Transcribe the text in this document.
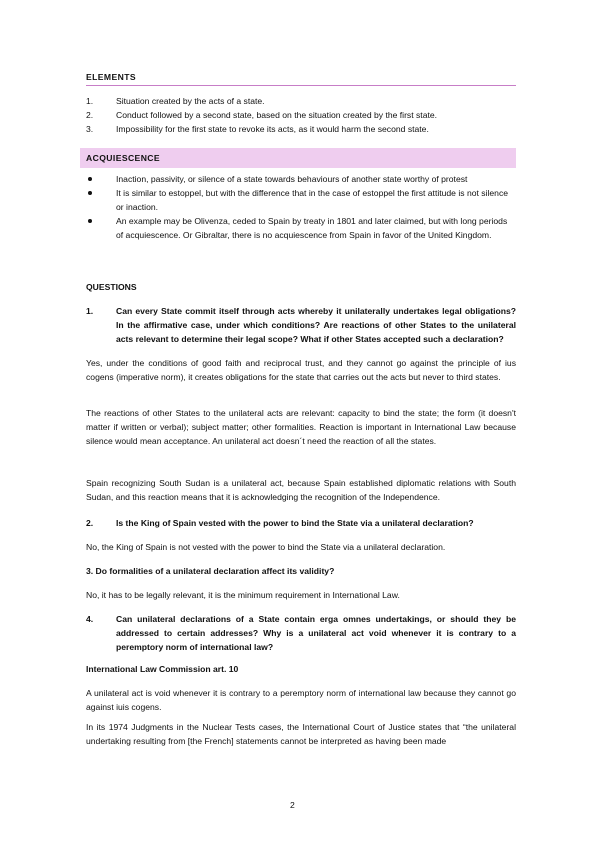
ELEMENTS
1.	Situation created by the acts of a state.
2.	Conduct followed by a second state, based on the situation created by the first state.
3.	Impossibility for the first state to revoke its acts, as it would harm the second state.
ACQUIESCENCE
Inaction, passivity, or silence of a state towards behaviours of another state worthy of protest
It is similar to estoppel, but with the difference that in the case of estoppel the first attitude is not silence or inaction.
An example may be Olivenza, ceded to Spain by treaty in 1801 and later claimed, but with long periods of acquiescence. Or Gibraltar, there is no acquiescence from Spain in favor of the United Kingdom.
QUESTIONS
1.	Can every State commit itself through acts whereby it unilaterally undertakes legal obligations? In the affirmative case, under which conditions? Are reactions of other States to the unilateral acts relevant to determine their legal scope? What if other States accepted such a declaration?

Yes, under the conditions of good faith and reciprocal trust, and they cannot go against the principle of ius cogens (imperative norm), it creates obligations for the state that carries out the acts but never to third states.

The reactions of other States to the unilateral acts are relevant: capacity to bind the state; the form (it doesn't matter if written or verbal); subject matter; other formalities. Reaction is important in International Law because silence would mean acceptance. An unilateral act doesn´t need the reaction of all the states.

Spain recognizing South Sudan is a unilateral act, because Spain established diplomatic relations with South Sudan, and this reaction means that it is acknowledging the recognition of the Independence.

2.	Is the King of Spain vested with the power to bind the State via a unilateral declaration?

No, the King of Spain is not vested with the power to bind the State via a unilateral declaration.

3. Do formalities of a unilateral declaration affect its validity?

No, it has to be legally relevant, it is the minimum requirement in International Law.

4.	Can unilateral declarations of a State contain erga omnes undertakings, or should they be addressed to certain addresses? Why is a unilateral act void whenever it is contrary to a peremptory norm of international law?

International Law Commission art. 10

A unilateral act is void whenever it is contrary to a peremptory norm of international law because they cannot go against iuis cogens.

In its 1974 Judgments in the Nuclear Tests cases, the International Court of Justice states that “the unilateral undertaking resulting from [the French] statements cannot be interpreted as having been made

2
